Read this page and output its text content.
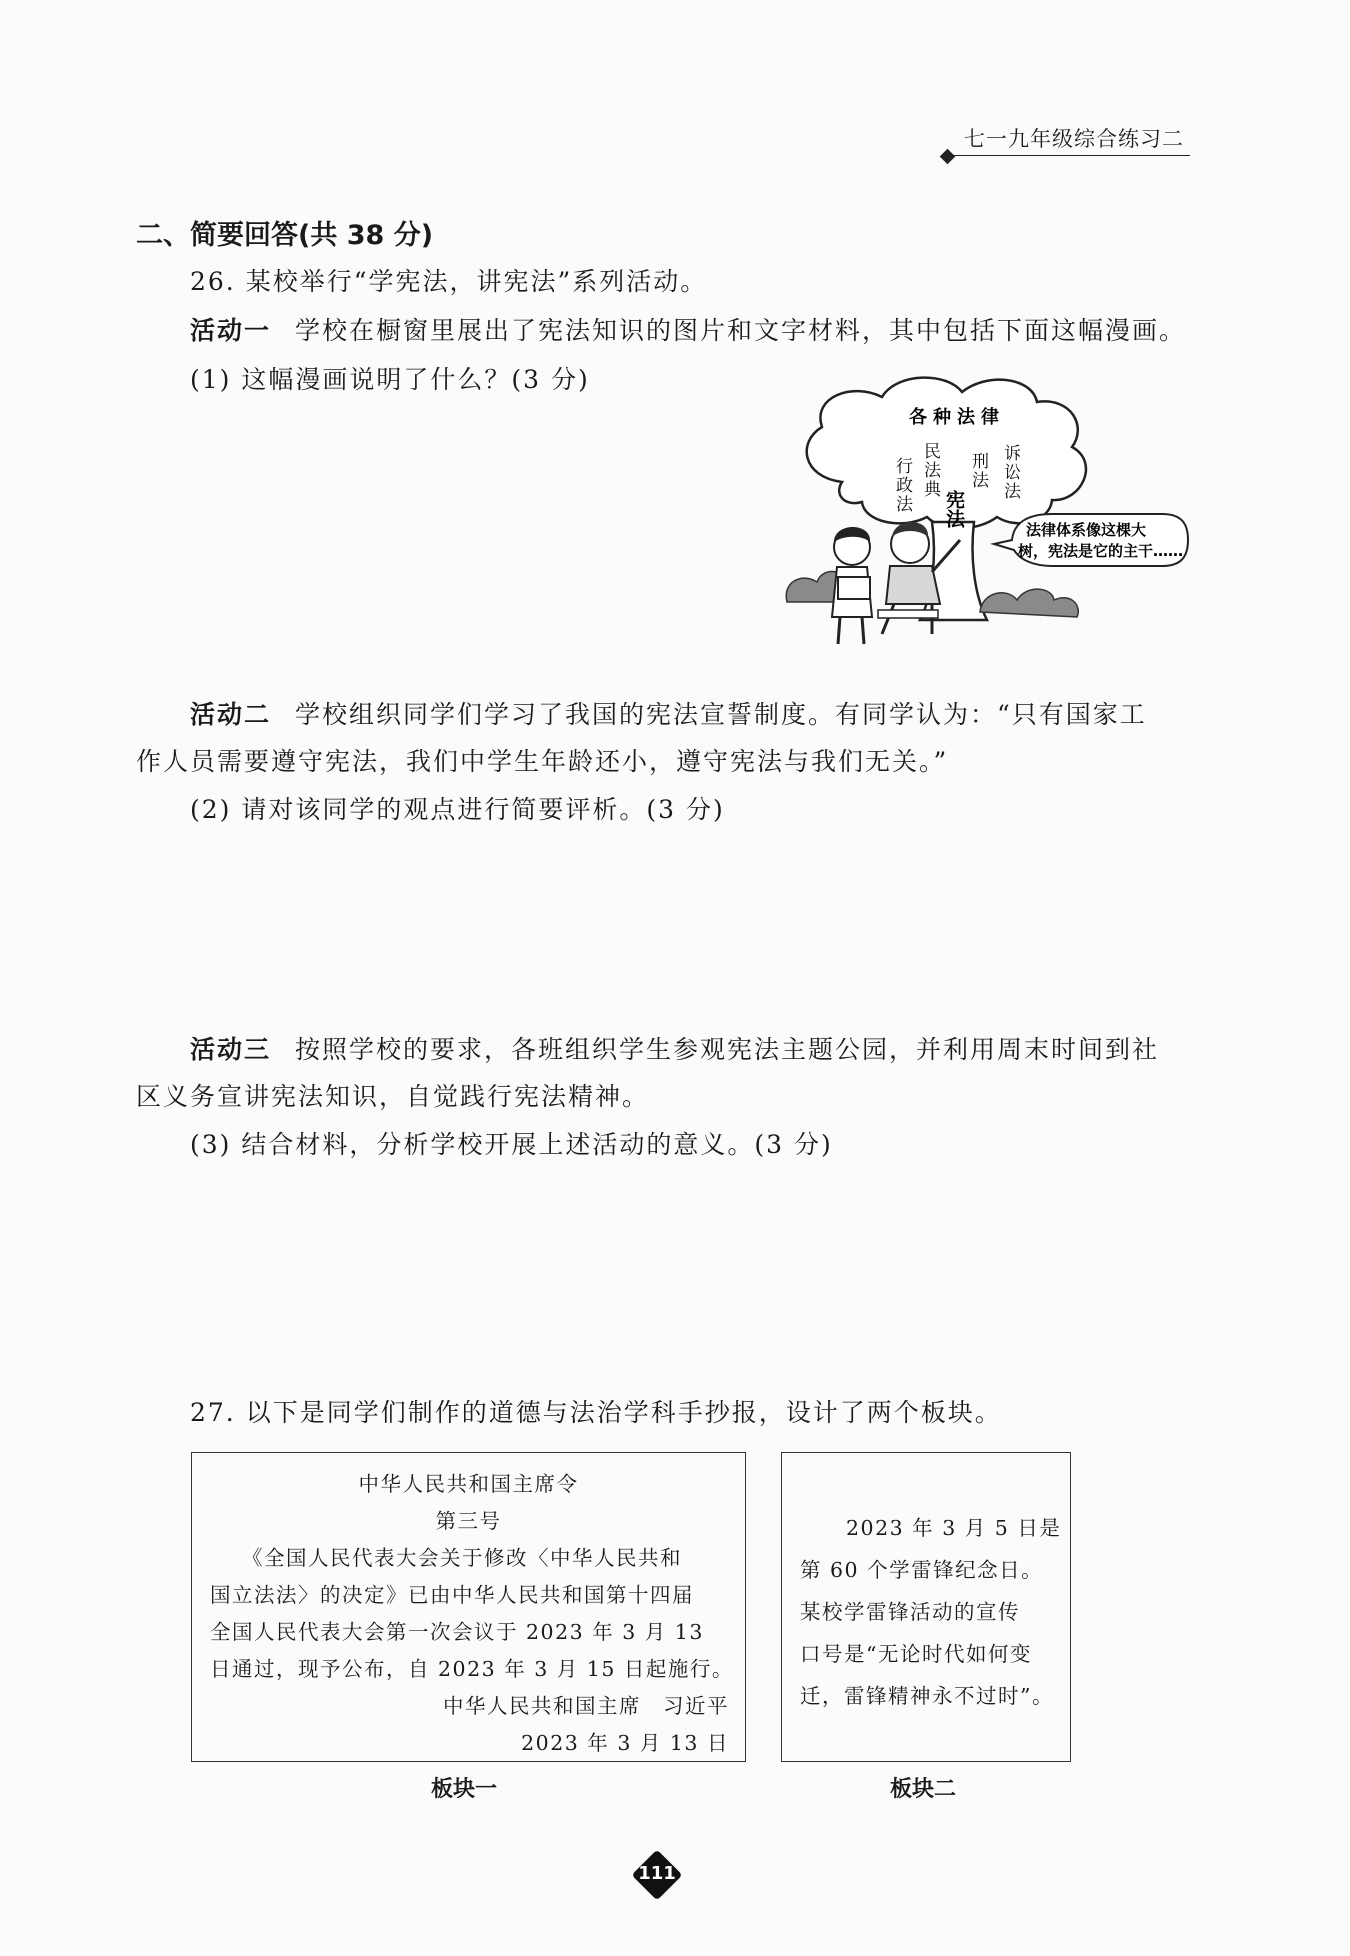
七一九年级综合练习二
二、简要回答(共 38 分)
26. 某校举行“学宪法，讲宪法”系列活动。
活动一 学校在橱窗里展出了宪法知识的图片和文字材料，其中包括下面这幅漫画。
(1) 这幅漫画说明了什么？(3 分)
各种法律
行政法 民法典 刑法 诉讼法
宪法
法律体系像这棵大
树，宪法是它的主干……
活动二 学校组织同学们学习了我国的宪法宣誓制度。有同学认为：“只有国家工
作人员需要遵守宪法，我们中学生年龄还小，遵守宪法与我们无关。”
(2) 请对该同学的观点进行简要评析。(3 分)
活动三 按照学校的要求，各班组织学生参观宪法主题公园，并利用周末时间到社
区义务宣讲宪法知识，自觉践行宪法精神。
(3) 结合材料，分析学校开展上述活动的意义。(3 分)
27. 以下是同学们制作的道德与法治学科手抄报，设计了两个板块。
中华人民共和国主席令
第三号
《全国人民代表大会关于修改〈中华人民共和
国立法法〉的决定》已由中华人民共和国第十四届
全国人民代表大会第一次会议于 2023 年 3 月 13
日通过，现予公布，自 2023 年 3 月 15 日起施行。
中华人民共和国主席　习近平
2023 年 3 月 13 日
板块一
2023 年 3 月 5 日是
第 60 个学雷锋纪念日。
某校学雷锋活动的宣传
口号是“无论时代如何变
迁，雷锋精神永不过时”。
板块二
111
